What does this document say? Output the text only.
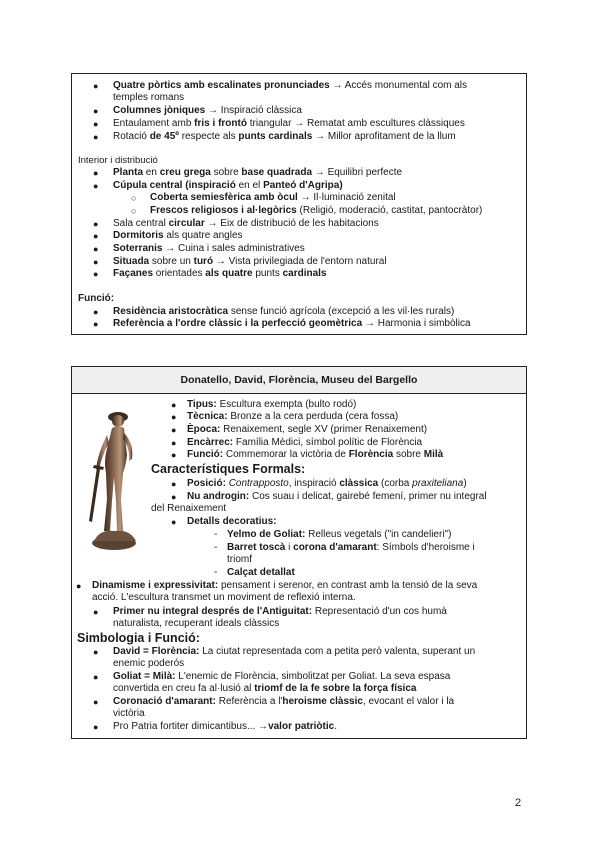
● Quatre pòrtics amb escalinates pronunciades → Accés monumental com als
temples romans
● Columnes jòniques → Inspiració clàssica
● Entaulament amb fris i frontó triangular → Rematat amb escultures clàssiques
● Rotació de 45º respecte als punts cardinals → Millor aprofitament de la llum
Interior i distribució
● Planta en creu grega sobre base quadrada → Equilibri perfecte
● Cúpula central (inspiració en el Panteó d'Agripa)
○ Coberta semiesfèrica amb òcul → Il·luminació zenital
○ Frescos religiosos i al·legòrics (Religió, moderació, castitat, pantocràtor)
● Sala central circular → Eix de distribució de les habitacions
● Dormitoris als quatre angles
● Soterranis → Cuina i sales administratives
● Situada sobre un turó → Vista privilegiada de l'entorn natural
● Façanes orientades als quatre punts cardinals
Funció:
● Residència aristocràtica sense funció agrícola (excepció a les vil·les rurals)
● Referència a l'ordre clàssic i la perfecció geomètrica → Harmonia i simbòlica
Donatello, David, Florència, Museu del Bargello
● Tipus: Escultura exempta (bulto rodó)
● Tècnica: Bronze a la cera perduda (cera fossa)
● Època: Renaixement, segle XV (primer Renaixement)
● Encàrrec: Família Mèdici, símbol polític de Florència
● Funció: Commemorar la victòria de Florència sobre Milà
Característiques Formals:
● Posició: Contrapposto, inspiració clàssica (corba praxiteliana)
● Nu androgin: Cos suau i delicat, gairebé femení, primer nu integral
del Renaixement
● Detalls decoratius:
- Yelmo de Goliat: Relleus vegetals ("in candelieri")
- Barret toscà i corona d'amarant: Símbols d'heroisme i
triomf
- Calçat detallat
● Dinamisme i expressivitat: pensament i serenor, en contrast amb la tensió de la seva
acció. L'escultura transmet un moviment de reflexió interna.
● Primer nu integral després de l'Antiguitat: Representació d'un cos humà
naturalista, recuperant ideals clàssics
Simbologia i Funció:
● David = Florència: La ciutat representada com a petita però valenta, superant un
enemic poderós
● Goliat = Milà: L'enemic de Florència, simbolitzat per Goliat. La seva espasa
convertida en creu fa al·lusió al triomf de la fe sobre la força física
● Coronació d'amarant: Referència a l'heroisme clàssic, evocant el valor i la
victòria
● Pro Patria fortiter dimicantibus... →valor patriòtic.
2
